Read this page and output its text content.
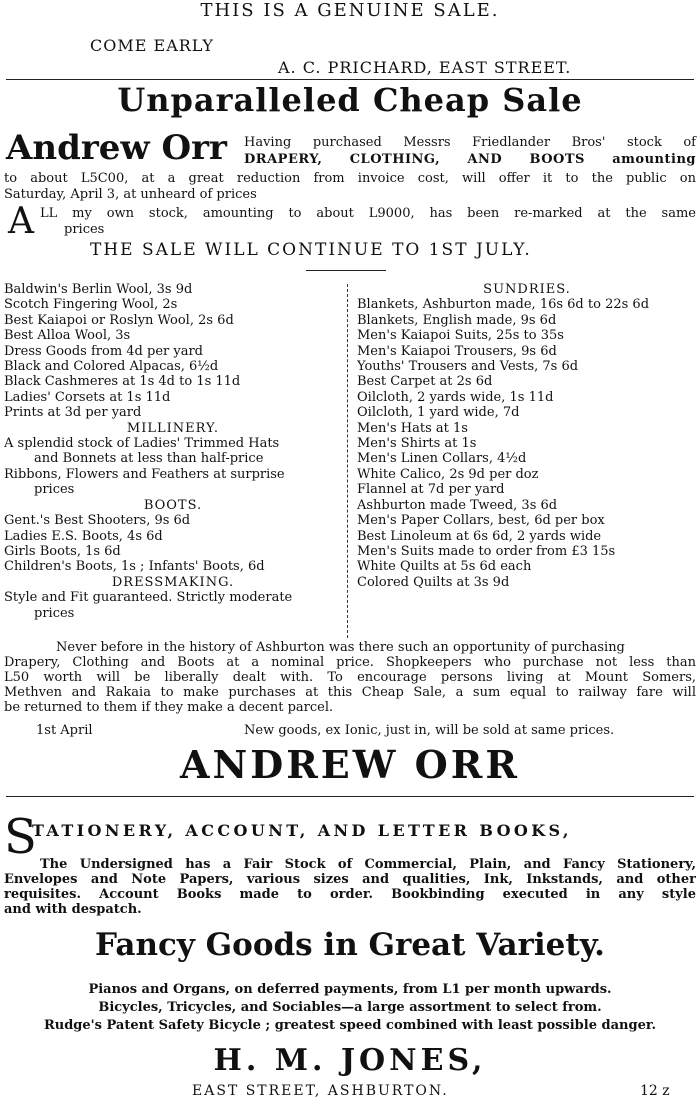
THIS IS A GENUINE SALE.
COME EARLY
A. C. PRICHARD, EAST STREET.
Unparalleled Cheap Sale
Andrew Orr Having purchased Messrs Friedlander Bros' stock of
DRAPERY, CLOTHING, AND BOOTS amounting
to about L5C00, at a great reduction from invoice cost, will offer it to the public on
Saturday, April 3, at unheard of prices
A LL my own stock, amounting to about L9000, has been re-marked at the same
prices
THE SALE WILL CONTINUE TO 1ST JULY.
Baldwin's Berlin Wool, 3s 9d
Scotch Fingering Wool, 2s
Best Kaiapoi or Roslyn Wool, 2s 6d
Best Alloa Wool, 3s
Dress Goods from 4d per yard
Black and Colored Alpacas, 6½d
Black Cashmeres at 1s 4d to 1s 11d
Ladies' Corsets at 1s 11d
Prints at 3d per yard
MILLINERY.
A splendid stock of Ladies' Trimmed Hats
and Bonnets at less than half-price
Ribbons, Flowers and Feathers at surprise
prices
BOOTS.
Gent.'s Best Shooters, 9s 6d
Ladies E.S. Boots, 4s 6d
Girls Boots, 1s 6d
Children's Boots, 1s ; Infants' Boots, 6d
DRESSMAKING.
Style and Fit guaranteed. Strictly moderate
prices
SUNDRIES.
Blankets, Ashburton made, 16s 6d to 22s 6d
Blankets, English made, 9s 6d
Men's Kaiapoi Suits, 25s to 35s
Men's Kaiapoi Trousers, 9s 6d
Youths' Trousers and Vests, 7s 6d
Best Carpet at 2s 6d
Oilcloth, 2 yards wide, 1s 11d
Oilcloth, 1 yard wide, 7d
Men's Hats at 1s
Men's Shirts at 1s
Men's Linen Collars, 4½d
White Calico, 2s 9d per doz
Flannel at 7d per yard
Ashburton made Tweed, 3s 6d
Men's Paper Collars, best, 6d per box
Best Linoleum at 6s 6d, 2 yards wide
Men's Suits made to order from £3 15s
White Quilts at 5s 6d each
Colored Quilts at 3s 9d
Never before in the history of Ashburton was there such an opportunity of purchasing
Drapery, Clothing and Boots at a nominal price. Shopkeepers who purchase not less than
L50 worth will be liberally dealt with. To encourage persons living at Mount Somers,
Methven and Rakaia to make purchases at this Cheap Sale, a sum equal to railway fare will
be returned to them if they make a decent parcel.
1st April	New goods, ex Ionic, just in, will be sold at same prices.
ANDREW ORR
S
TATIONERY, ACCOUNT, AND LETTER BOOKS,
The Undersigned has a Fair Stock of Commercial, Plain, and Fancy Stationery,
Envelopes and Note Papers, various sizes and qualities, Ink, Inkstands, and other
requisites. Account Books made to order. Bookbinding executed in any style
and with despatch.
Fancy Goods in Great Variety.
Pianos and Organs, on deferred payments, from L1 per month upwards.
Bicycles, Tricycles, and Sociables—a large assortment to select from.
Rudge's Patent Safety Bicycle ; greatest speed combined with least possible danger.
H. M. JONES,
EAST STREET, ASHBURTON.	12 z
